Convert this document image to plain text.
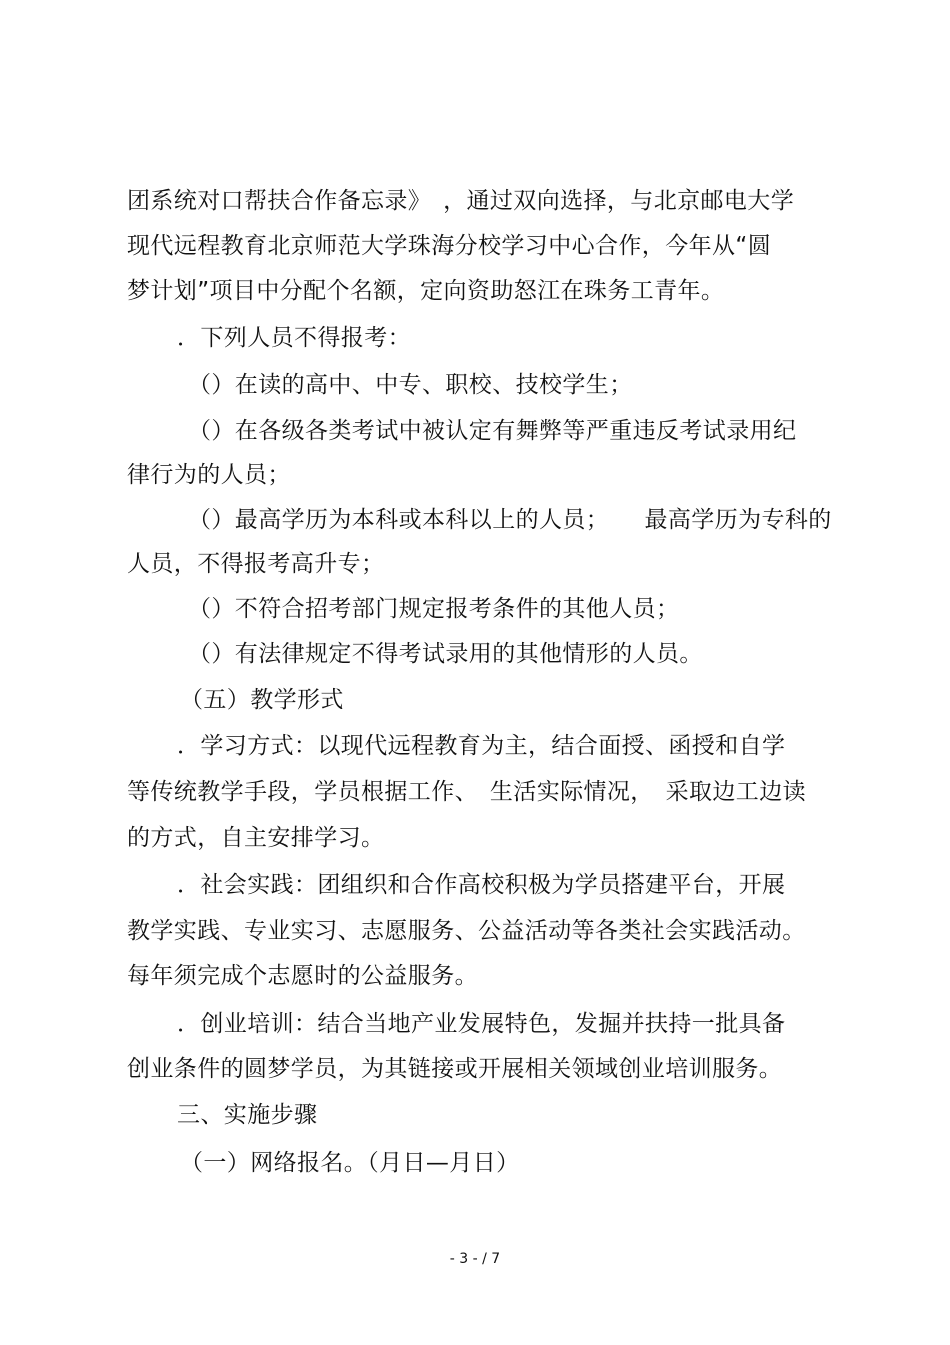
团系统对口帮扶合作备忘录》　，通过双向选择，与北京邮电大学
现代远程教育北京师范大学珠海分校学习中心合作，今年从“圆
梦计划”项目中分配个名额，定向资助怒江在珠务工青年。
．下列人员不得报考：
（）在读的高中、中专、职校、技校学生；
（）在各级各类考试中被认定有舞弊等严重违反考试录用纪
律行为的人员；
（）最高学历为本科或本科以上的人员；　　最高学历为专科的
人员，不得报考高升专；
（）不符合招考部门规定报考条件的其他人员；
（）有法律规定不得考试录用的其他情形的人员。
（五）教学形式
．学习方式：以现代远程教育为主，结合面授、函授和自学
等传统教学手段，学员根据工作、　生活实际情况，　采取边工边读
的方式，自主安排学习。
．社会实践：团组织和合作高校积极为学员搭建平台，开展
教学实践、专业实习、志愿服务、公益活动等各类社会实践活动。
每年须完成个志愿时的公益服务。
．创业培训：结合当地产业发展特色，发掘并扶持一批具备
创业条件的圆梦学员，为其链接或开展相关领域创业培训服务。
三、实施步骤
（一）网络报名。（月日—月日）
- 3 - / 7
